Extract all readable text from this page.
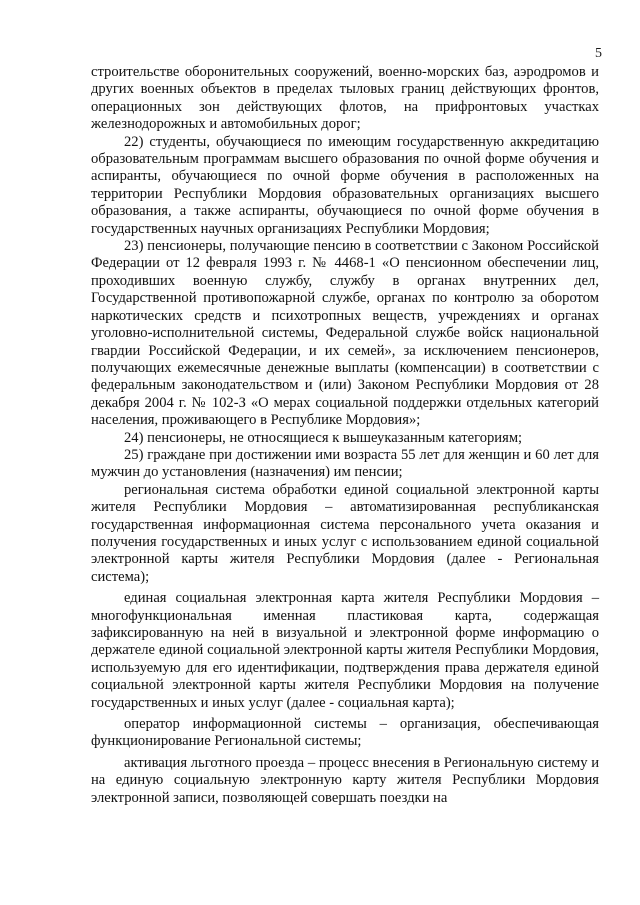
5

строительстве оборонительных сооружений, военно-морских баз, аэродромов и других военных объектов в пределах тыловых границ действующих фронтов, операционных зон действующих флотов, на прифронтовых участках железнодорожных и автомобильных дорог;

22) студенты, обучающиеся по имеющим государственную аккредитацию образовательным программам высшего образования по очной форме обучения и аспиранты, обучающиеся по очной форме обучения в расположенных на территории Республики Мордовия образовательных организациях высшего образования, а также аспиранты, обучающиеся по очной форме обучения в государственных научных организациях Республики Мордовия;

23) пенсионеры, получающие пенсию в соответствии с Законом Российской Федерации от 12 февраля 1993 г. № 4468-1 «О пенсионном обеспечении лиц, проходивших военную службу, службу в органах внутренних дел, Государственной противопожарной службе, органах по контролю за оборотом наркотических средств и психотропных веществ, учреждениях и органах уголовно-исполнительной системы, Федеральной службе войск национальной гвардии Российской Федерации, и их семей», за исключением пенсионеров, получающих ежемесячные денежные выплаты (компенсации) в соответствии с федеральным законодательством и (или) Законом Республики Мордовия от 28 декабря 2004 г. № 102-З «О мерах социальной поддержки отдельных категорий населения, проживающего в Республике Мордовия»;

24) пенсионеры, не относящиеся к вышеуказанным категориям;

25) граждане при достижении ими возраста 55 лет для женщин и 60 лет для мужчин до установления (назначения) им пенсии;

региональная система обработки единой социальной электронной карты жителя Республики Мордовия – автоматизированная республиканская государственная информационная система персонального учета оказания и получения государственных и иных услуг с использованием единой социальной электронной карты жителя Республики Мордовия (далее - Региональная система);

единая социальная электронная карта жителя Республики Мордовия – многофункциональная именная пластиковая карта, содержащая зафиксированную на ней в визуальной и электронной форме информацию о держателе единой социальной электронной карты жителя Республики Мордовия, используемую для его идентификации, подтверждения права держателя единой социальной электронной карты жителя Республики Мордовия на получение государственных и иных услуг (далее - социальная карта);

оператор информационной системы – организация, обеспечивающая функционирование Региональной системы;

активация льготного проезда – процесс внесения в Региональную систему и на единую социальную электронную карту жителя Республики Мордовия электронной записи, позволяющей совершать поездки на
